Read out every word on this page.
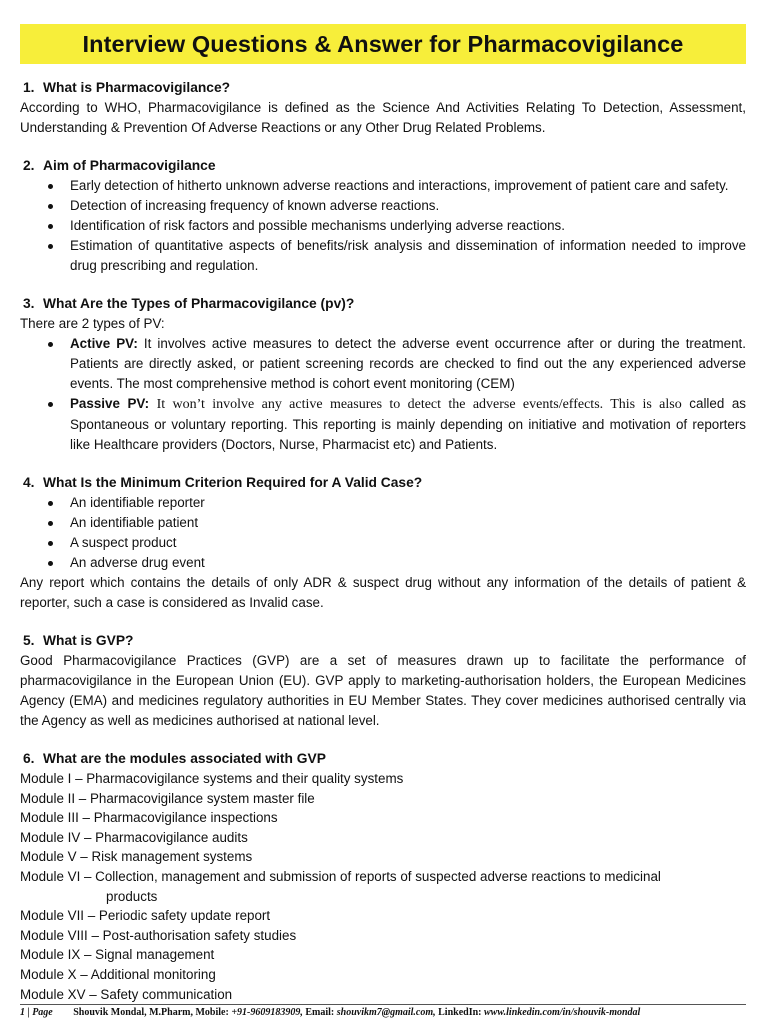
Interview Questions & Answer for Pharmacovigilance
1. What is Pharmacovigilance?
According to WHO, Pharmacovigilance is defined as the Science And Activities Relating To Detection, Assessment, Understanding & Prevention Of Adverse Reactions or any Other Drug Related Problems.
2. Aim of Pharmacovigilance
Early detection of hitherto unknown adverse reactions and interactions, improvement of patient care and safety.
Detection of increasing frequency of known adverse reactions.
Identification of risk factors and possible mechanisms underlying adverse reactions.
Estimation of quantitative aspects of benefits/risk analysis and dissemination of information needed to improve drug prescribing and regulation.
3. What Are the Types of Pharmacovigilance (pv)?
There are 2 types of PV:
Active PV: It involves active measures to detect the adverse event occurrence after or during the treatment. Patients are directly asked, or patient screening records are checked to find out the any experienced adverse events. The most comprehensive method is cohort event monitoring (CEM)
Passive PV: It won’t involve any active measures to detect the adverse events/effects. This is also called as Spontaneous or voluntary reporting. This reporting is mainly depending on initiative and motivation of reporters like Healthcare providers (Doctors, Nurse, Pharmacist etc) and Patients.
4. What Is the Minimum Criterion Required for A Valid Case?
An identifiable reporter
An identifiable patient
A suspect product
An adverse drug event
Any report which contains the details of only ADR & suspect drug without any information of the details of patient & reporter, such a case is considered as Invalid case.
5. What is GVP?
Good Pharmacovigilance Practices (GVP) are a set of measures drawn up to facilitate the performance of pharmacovigilance in the European Union (EU). GVP apply to marketing-authorisation holders, the European Medicines Agency (EMA) and medicines regulatory authorities in EU Member States. They cover medicines authorised centrally via the Agency as well as medicines authorised at national level.
6. What are the modules associated with GVP
Module I – Pharmacovigilance systems and their quality systems
Module II – Pharmacovigilance system master file
Module III – Pharmacovigilance inspections
Module IV – Pharmacovigilance audits
Module V – Risk management systems
Module VI – Collection, management and submission of reports of suspected adverse reactions to medicinal
products
Module VII – Periodic safety update report
Module VIII – Post-authorisation safety studies
Module IX – Signal management
Module X – Additional monitoring
Module XV – Safety communication
1 | Page Shouvik Mondal, M.Pharm, Mobile: +91-9609183909, Email: shouvikm7@gmail.com, LinkedIn: www.linkedin.com/in/shouvik-mondal
